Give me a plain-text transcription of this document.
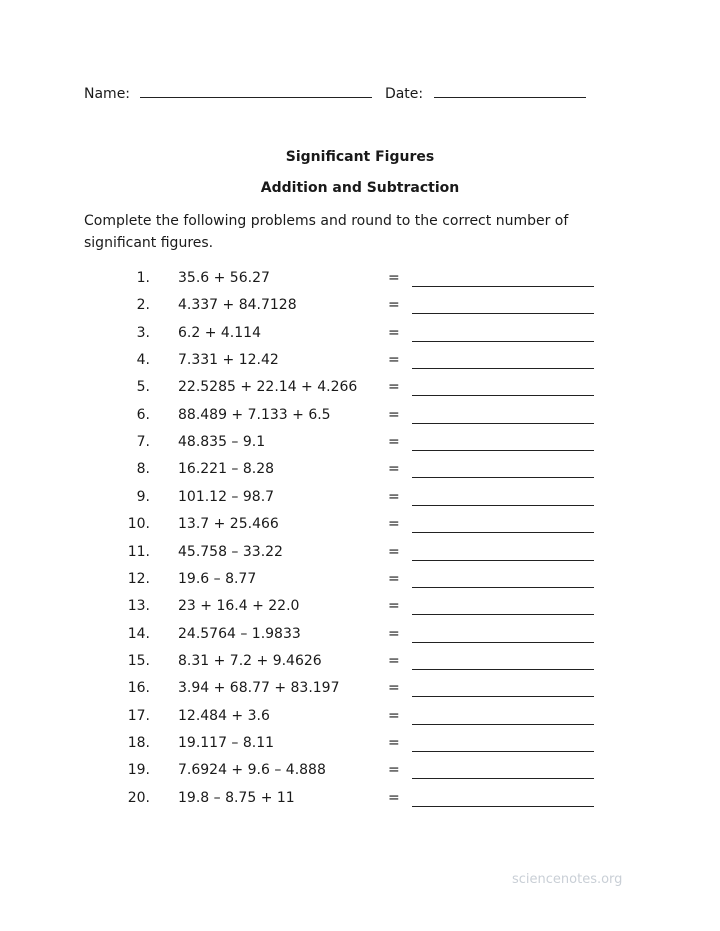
Name:	Date:
Significant Figures
Addition and Subtraction
Complete the following problems and round to the correct number of significant figures.
1. 35.6 + 56.27	=
2. 4.337 + 84.7128	=
3. 6.2 + 4.114	=
4. 7.331 + 12.42	=
5. 22.5285 + 22.14 + 4.266 =
6. 88.489 + 7.133 + 6.5	=
7. 48.835 – 9.1	=
8. 16.221 – 8.28	=
9. 101.12 – 98.7	=
10. 13.7 + 25.466	=
11. 45.758 – 33.22	=
12. 19.6 – 8.77	=
13. 23 + 16.4 + 22.0	=
14. 24.5764 – 1.9833	=
15. 8.31 + 7.2 + 9.4626	=
16. 3.94 + 68.77 + 83.197	=
17. 12.484 + 3.6	=
18. 19.117 – 8.11	=
19. 7.6924 + 9.6 – 4.888	=
20. 19.8 – 8.75 + 11	=
sciencenotes.org
